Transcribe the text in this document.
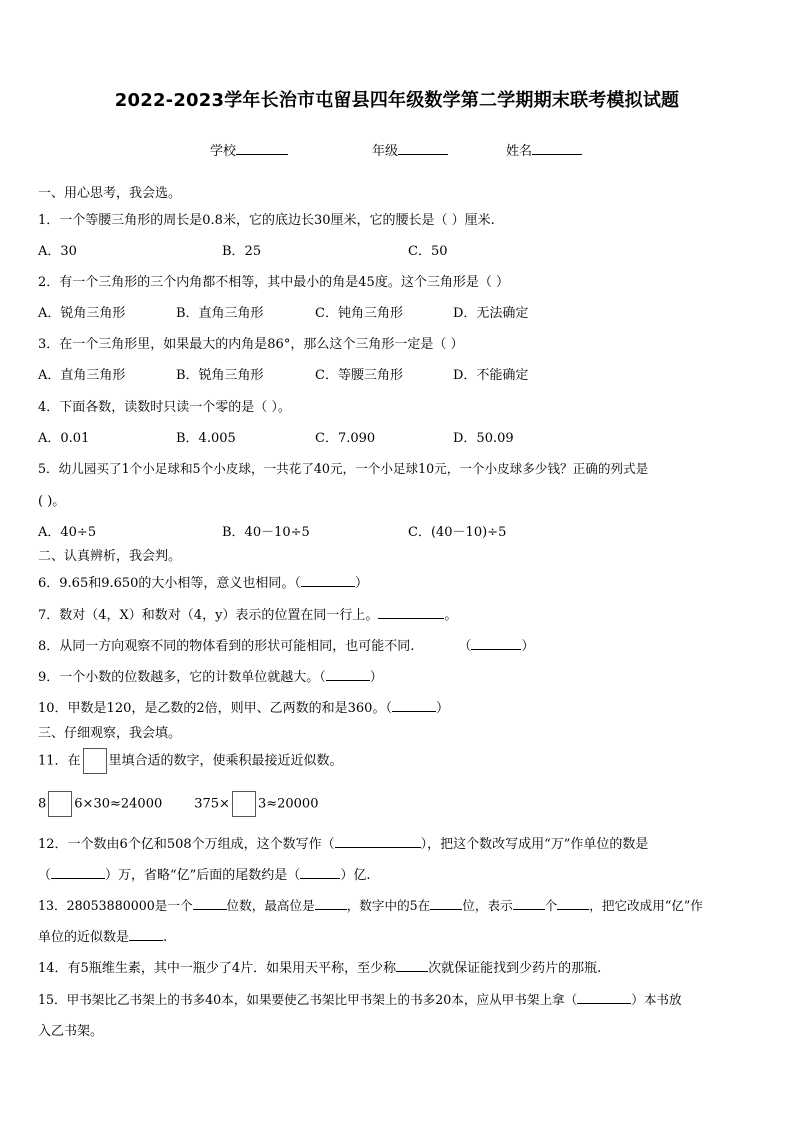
2022-2023学年长治市屯留县四年级数学第二学期期末联考模拟试题
学校	年级	姓名
一、用心思考，我会选。
1．一个等腰三角形的周长是0.8米，它的底边长30厘米，它的腰长是（ ）厘米.
A．30	B．25	C．50
2．有一个三角形的三个内角都不相等，其中最小的角是45度。这个三角形是（ ）
A．锐角三角形	B．直角三角形	C．钝角三角形	D．无法确定
3．在一个三角形里，如果最大的内角是86°，那么这个三角形一定是（ ）
A．直角三角形	B．锐角三角形	C．等腰三角形	D．不能确定
4．下面各数，读数时只读一个零的是（ ）。
A．0.01	B．4.005	C．7.090	D．50.09
5．幼儿园买了1个小足球和5个小皮球，一共花了40元，一个小足球10元，一个小皮球多少钱？正确的列式是
( )。
A．40÷5	B．40－10÷5	C．(40－10)÷5
二、认真辨析，我会判。
6．9.65和9.650的大小相等，意义也相同。（	）
7．数对（4，X）和数对（4，y）表示的位置在同一行上。	。
8．从同一方向观察不同的物体看到的形状可能相同，也可能不同.	（	）
9．一个小数的位数越多，它的计数单位就越大。（	）
10．甲数是120，是乙数的2倍，则甲、乙两数的和是360。（	）
三、仔细观察，我会填。
11．在 里填合适的数字，使乘积最接近近似数。
8 6×30≈24000 375× 3≈20000
12．一个数由6个亿和508个万组成，这个数写作（	），把这个数改写成用“万”作单位的数是
（	）万，省略“亿”后面的尾数约是（	）亿.
13．28053880000是一个	位数，最高位是	，数字中的5在	位，表示	个	，把它改成用“亿”作
单位的近似数是	.
14．有5瓶维生素，其中一瓶少了4片．如果用天平称，至少称 次就保证能找到少药片的那瓶.
15．甲书架比乙书架上的书多40本，如果要使乙书架比甲书架上的书多20本，应从甲书架上拿（	）本书放
入乙书架。
